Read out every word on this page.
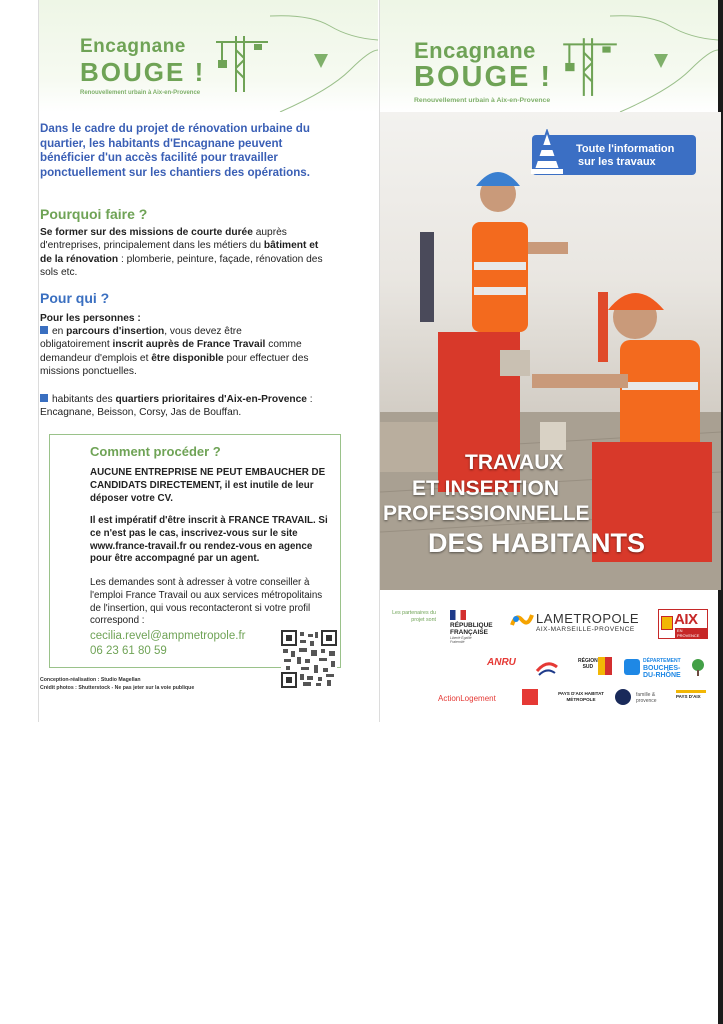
Encagnane
BOUGE !
Renouvellement urbain à Aix-en-Provence

Dans le cadre du projet de rénovation urbaine du quartier, les habitants d'Encagnane peuvent bénéficier d'un accès facilité pour travailler ponctuellement sur les chantiers des opérations.

Pourquoi faire ?

Se former sur des missions de courte durée auprès d'entreprises, principalement dans les métiers du bâtiment et de la rénovation : plomberie, peinture, façade, rénovation des sols etc.

Pour qui ?

Pour les personnes :

en parcours d'insertion, vous devez être obligatoirement inscrit auprès de France Travail comme demandeur d'emplois et être disponible pour effectuer des missions ponctuelles.

habitants des quartiers prioritaires d'Aix-en-Provence : Encagnane, Beisson, Corsy, Jas de Bouffan.

Comment procéder ?

AUCUNE ENTREPRISE NE PEUT EMBAUCHER DE CANDIDATS DIRECTEMENT, il est inutile de leur déposer votre CV.

Il est impératif d'être inscrit à FRANCE TRAVAIL. Si ce n'est pas le cas, inscrivez-vous sur le site www.france-travail.fr ou rendez-vous en agence pour être accompagné par un agent.

Les demandes sont à adresser à votre conseiller à l'emploi France Travail ou aux services métropolitains de l'insertion, qui vous recontacteront si votre profil correspond :

cecilia.revel@ampmetropole.fr

06 23 61 80 59

Conception-réalisation : Studio Magellan
Crédit photos : Shutterstock - Ne pas jeter sur la voie publique

Encagnane
BOUGE !
Renouvellement urbain à Aix-en-Provence
Toute l'information
sur les travaux
TRAVAUX
ET INSERTION
PROFESSIONNELLE
DES HABITANTS

Les partenaires du projet sont

RÉPUBLIQUE
FRANÇAISE
Liberté Égalité Fraternité
LAMETROPOLE
AIX-MARSEILLE-PROVENCE
AIX
EN PROVENCE
ANRU	RÉGION
SUD
DÉPARTEMENT
BOUCHES-
DU-RHÔNE
ActionLogement
PAYS D'AIX HABITAT
MÉTROPOLE
famille &
provence
PAYS D'AIX
